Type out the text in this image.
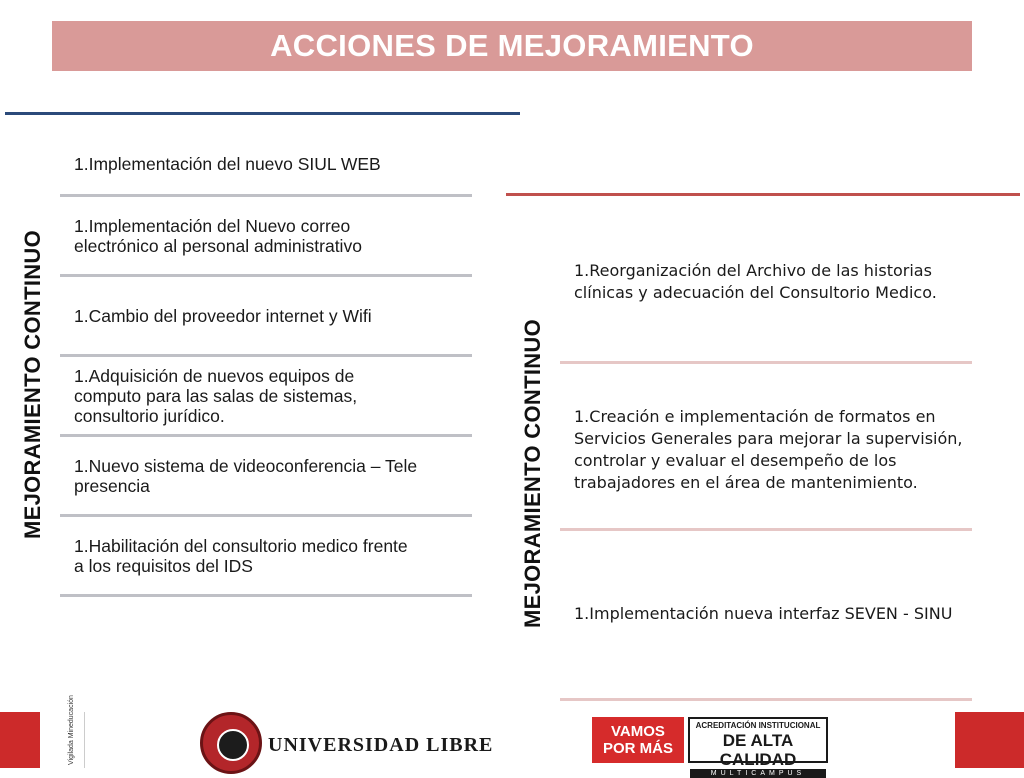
ACCIONES DE MEJORAMIENTO
MEJORAMIENTO CONTINUO	MEJORAMIENTO CONTINUO
1.Implementación del nuevo SIUL WEB
1.Implementación del Nuevo correo
electrónico al personal administrativo
1.Cambio del proveedor internet y Wifi
1.Adquisición de nuevos equipos de
computo para las salas de sistemas,
consultorio jurídico.
1.Nuevo sistema de videoconferencia – Tele
presencia
1.Habilitación del consultorio medico frente
a los requisitos del IDS
1.Reorganización del Archivo de las historias
clínicas y adecuación del Consultorio Medico.
1.Creación e implementación de formatos en
Servicios Generales para mejorar la supervisión,
controlar y evaluar el desempeño de los
trabajadores en el área de mantenimiento.
1.Implementación nueva interfaz SEVEN - SINU
Vigilada Mineducación	UNIVERSIDAD LIBRE
VAMOS
POR MÁS
ACREDITACIÓN INSTITUCIONAL
DE ALTA CALIDAD
MULTICAMPUS
